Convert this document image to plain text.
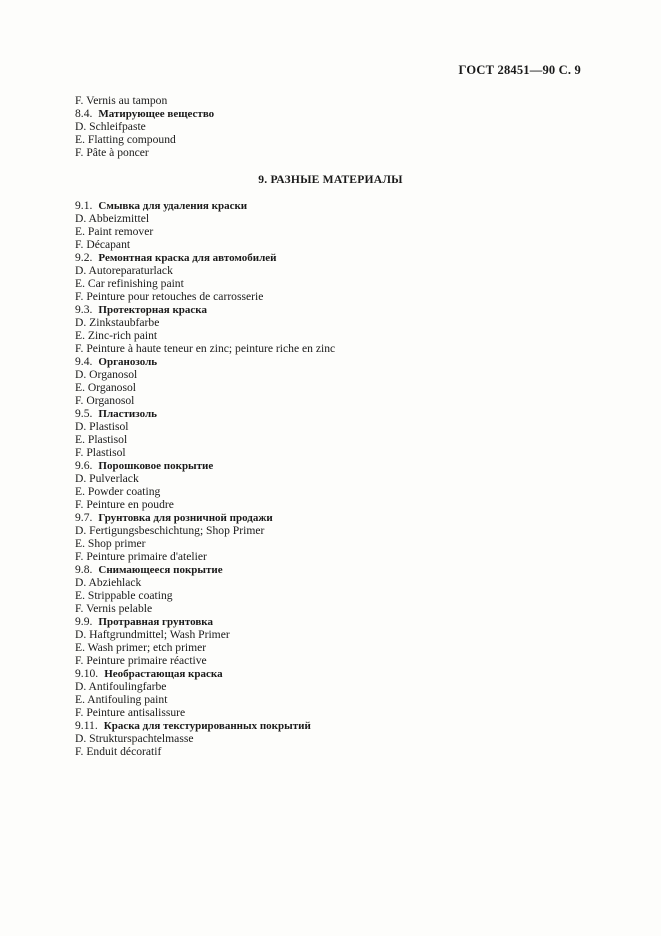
ГОСТ 28451—90 С. 9
F. Vernis au tampon
8.4. Матирующее вещество
D. Schleifpaste
E. Flatting compound
F. Pâte à poncer
9. РАЗНЫЕ МАТЕРИАЛЫ
9.1. Смывка для удаления краски
D. Abbeizmittel
E. Paint remover
F. Décapant
9.2. Ремонтная краска для автомобилей
D. Autoreparaturlack
E. Car refinishing paint
F. Peinture pour retouches de carrosserie
9.3. Протекторная краска
D. Zinkstaubfarbe
E. Zinc-rich paint
F. Peinture à haute teneur en zinc; peinture riche en zinc
9.4. Органозоль
D. Organosol
E. Organosol
F. Organosol
9.5. Пластизоль
D. Plastisol
E. Plastisol
F. Plastisol
9.6. Порошковое покрытие
D. Pulverlack
E. Powder coating
F. Peinture en poudre
9.7. Грунтовка для розничной продажи
D. Fertigungsbeschichtung; Shop Primer
E. Shop primer
F. Peinture primaire d'atelier
9.8. Снимающееся покрытие
D. Abziehlack
E. Strippable coating
F. Vernis pelable
9.9. Протравная грунтовка
D. Haftgrundmittel; Wash Primer
E. Wash primer; etch primer
F. Peinture primaire réactive
9.10. Необрастающая краска
D. Antifoulingfarbe
E. Antifouling paint
F. Peinture antisalissure
9.11. Краска для текстурированных покрытий
D. Strukturspachtelmasse
F. Enduit décoratif
